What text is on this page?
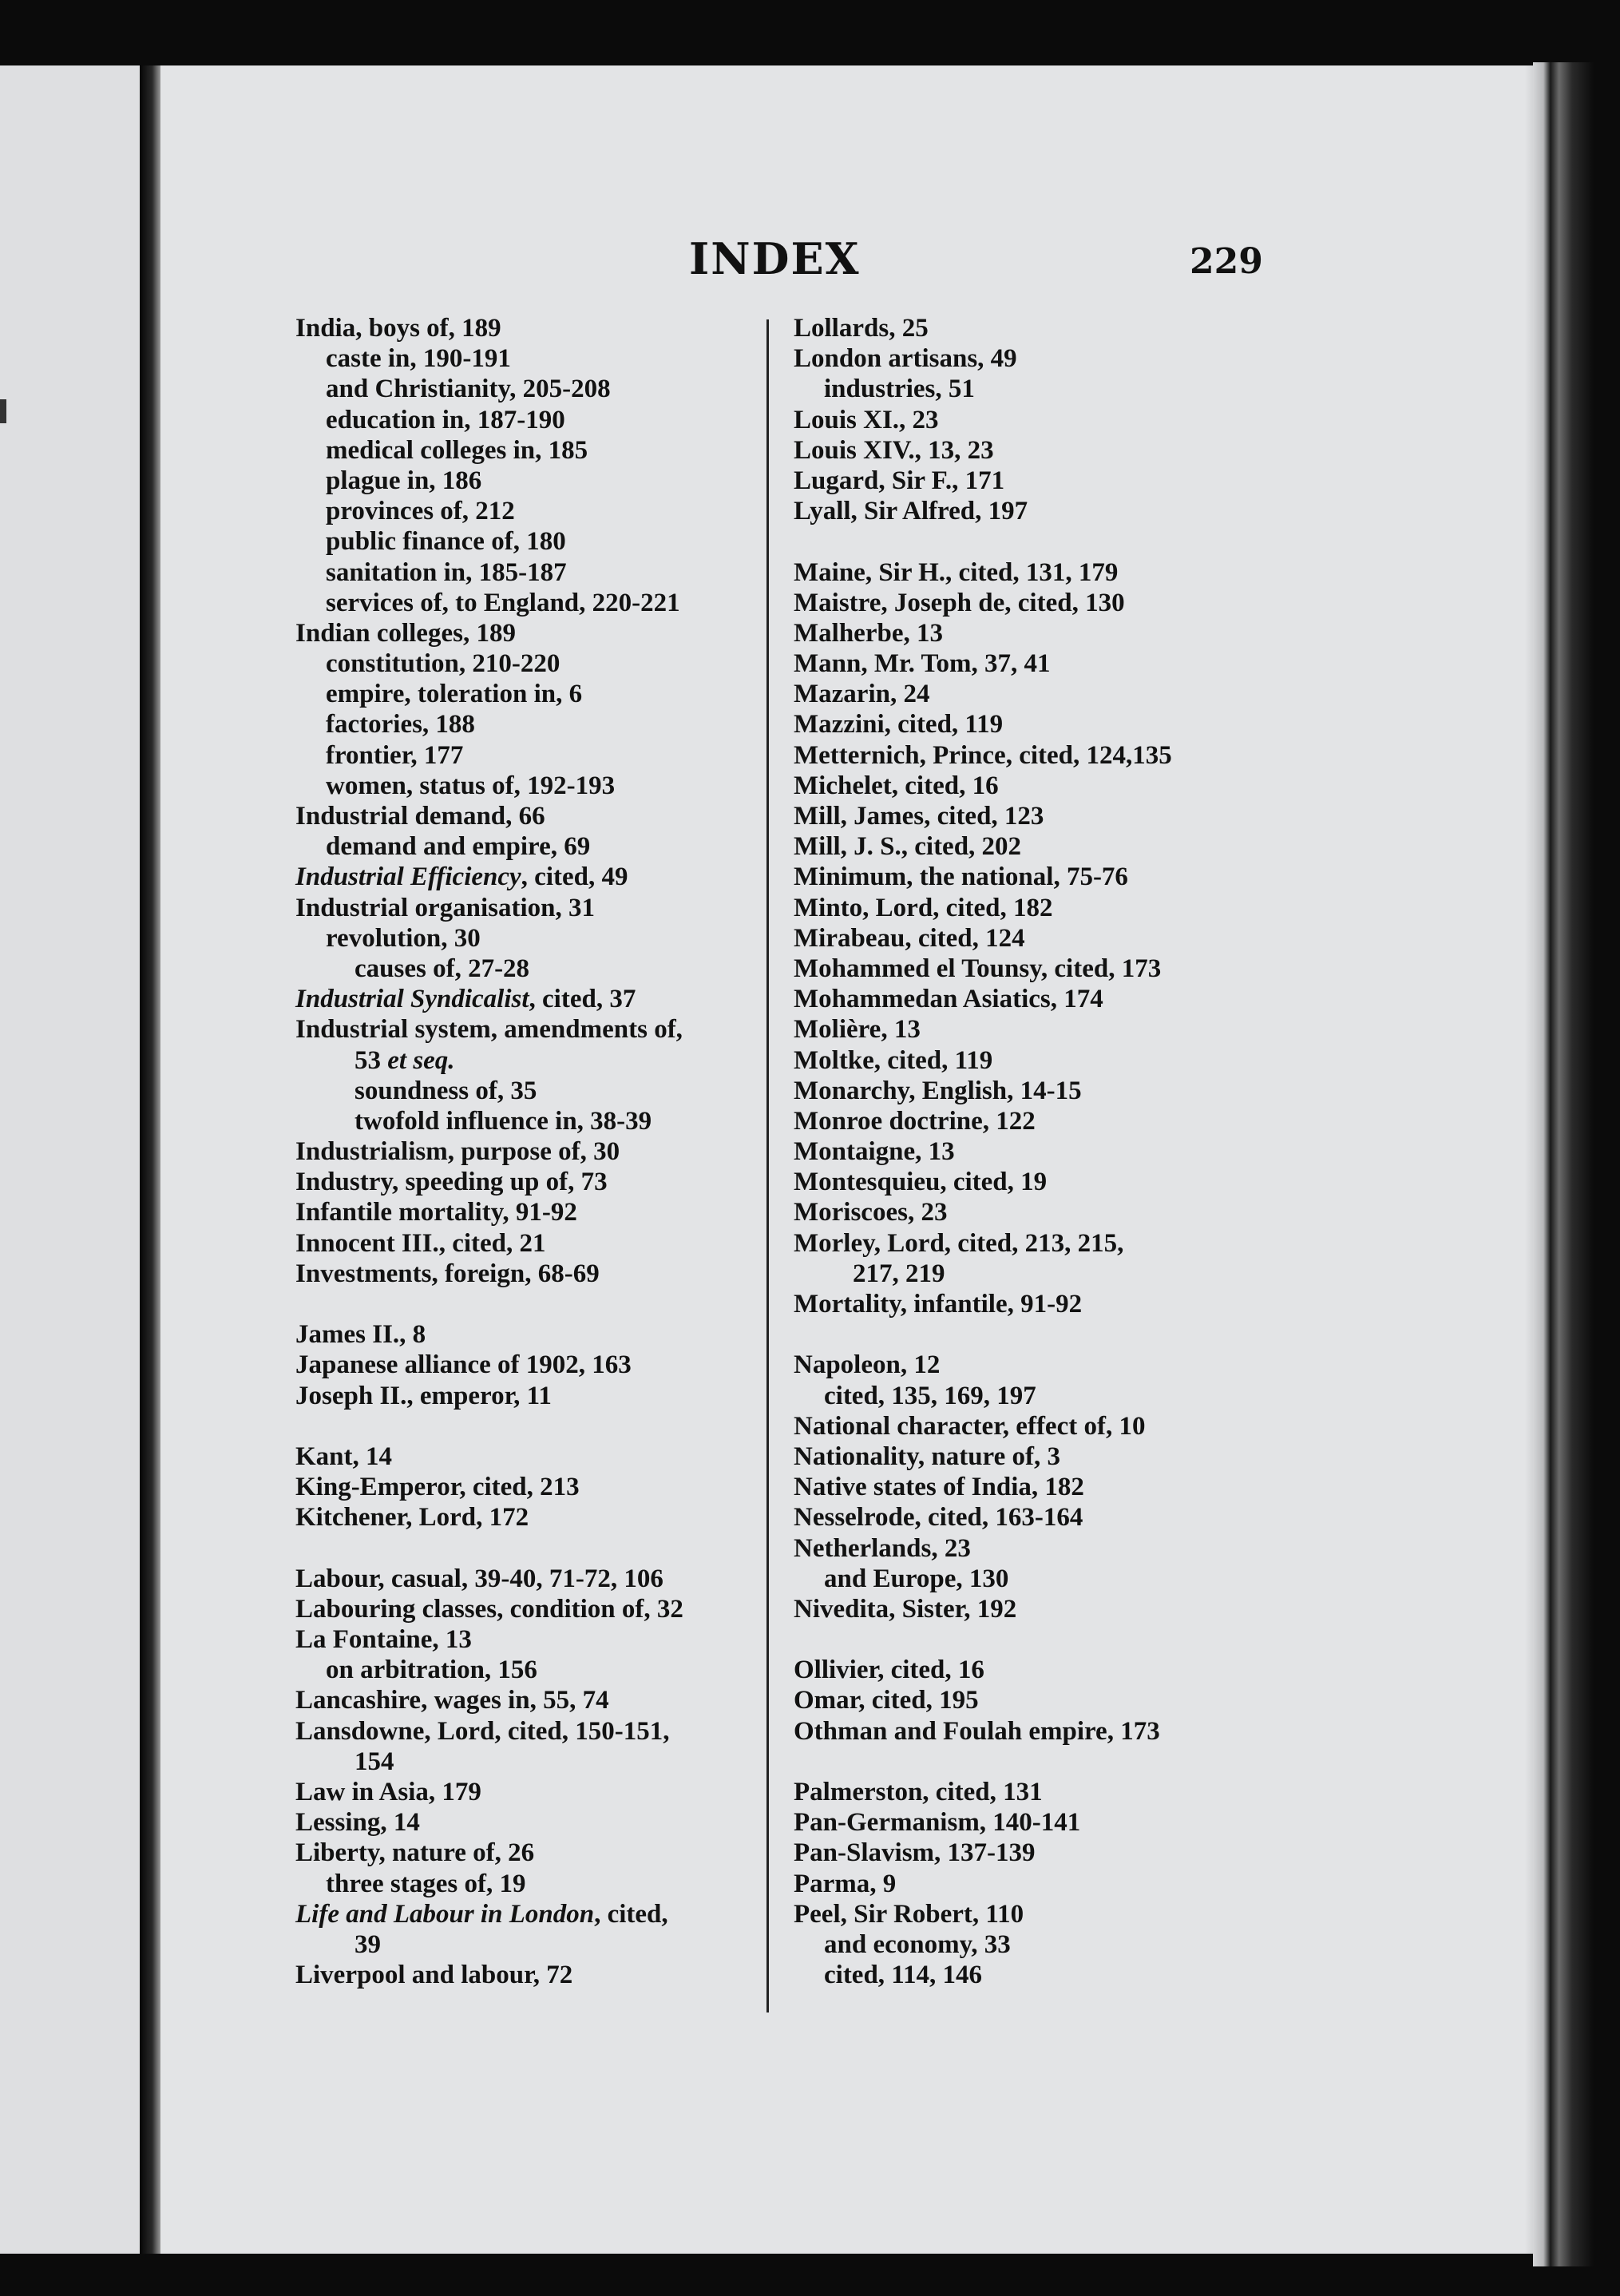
INDEX	229
India, boys of, 189
caste in, 190-191
and Christianity, 205-208
education in, 187-190
medical colleges in, 185
plague in, 186
provinces of, 212
public finance of, 180
sanitation in, 185-187
services of, to England, 220-221
Indian colleges, 189
constitution, 210-220
empire, toleration in, 6
factories, 188
frontier, 177
women, status of, 192-193
Industrial demand, 66
demand and empire, 69
Industrial Efficiency, cited, 49
Industrial organisation, 31
revolution, 30
causes of, 27-28
Industrial Syndicalist, cited, 37
Industrial system, amendments of,
53 et seq.
soundness of, 35
twofold influence in, 38-39
Industrialism, purpose of, 30
Industry, speeding up of, 73
Infantile mortality, 91-92
Innocent III., cited, 21
Investments, foreign, 68-69
James II., 8
Japanese alliance of 1902, 163
Joseph II., emperor, 11
Kant, 14
King-Emperor, cited, 213
Kitchener, Lord, 172
Labour, casual, 39-40, 71-72, 106
Labouring classes, condition of, 32
La Fontaine, 13
on arbitration, 156
Lancashire, wages in, 55, 74
Lansdowne, Lord, cited, 150-151,
154
Law in Asia, 179
Lessing, 14
Liberty, nature of, 26
three stages of, 19
Life and Labour in London, cited,
39
Liverpool and labour, 72
Lollards, 25
London artisans, 49
industries, 51
Louis XI., 23
Louis XIV., 13, 23
Lugard, Sir F., 171
Lyall, Sir Alfred, 197
Maine, Sir H., cited, 131, 179
Maistre, Joseph de, cited, 130
Malherbe, 13
Mann, Mr. Tom, 37, 41
Mazarin, 24
Mazzini, cited, 119
Metternich, Prince, cited, 124,135
Michelet, cited, 16
Mill, James, cited, 123
Mill, J. S., cited, 202
Minimum, the national, 75-76
Minto, Lord, cited, 182
Mirabeau, cited, 124
Mohammed el Tounsy, cited, 173
Mohammedan Asiatics, 174
Molière, 13
Moltke, cited, 119
Monarchy, English, 14-15
Monroe doctrine, 122
Montaigne, 13
Montesquieu, cited, 19
Moriscoes, 23
Morley, Lord, cited, 213, 215,
217, 219
Mortality, infantile, 91-92
Napoleon, 12
cited, 135, 169, 197
National character, effect of, 10
Nationality, nature of, 3
Native states of India, 182
Nesselrode, cited, 163-164
Netherlands, 23
and Europe, 130
Nivedita, Sister, 192
Ollivier, cited, 16
Omar, cited, 195
Othman and Foulah empire, 173
Palmerston, cited, 131
Pan-Germanism, 140-141
Pan-Slavism, 137-139
Parma, 9
Peel, Sir Robert, 110
and economy, 33
cited, 114, 146
